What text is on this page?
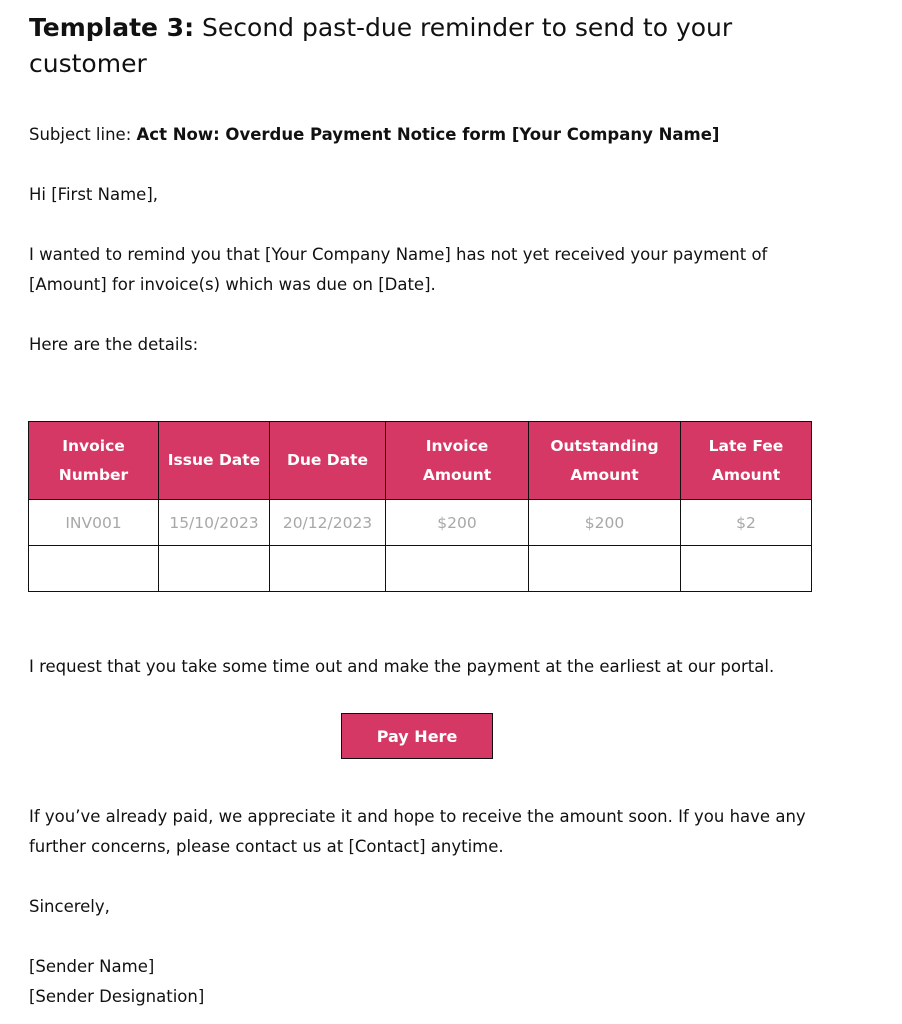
Template 3: Second past-due reminder to send to your customer

Subject line: Act Now: Overdue Payment Notice form [Your Company Name]

Hi [First Name],

I wanted to remind you that [Your Company Name] has not yet received your payment of [Amount] for invoice(s) which was due on [Date].

Here are the details:

Invoice Number	Issue Date	Due Date	Invoice Amount	Outstanding Amount	Late Fee Amount
INV001	15/10/2023	20/12/2023	$200	$200	$2

I request that you take some time out and make the payment at the earliest at our portal.

Pay Here

If you’ve already paid, we appreciate it and hope to receive the amount soon. If you have any further concerns, please contact us at [Contact] anytime.

Sincerely,

[Sender Name]

[Sender Designation]
